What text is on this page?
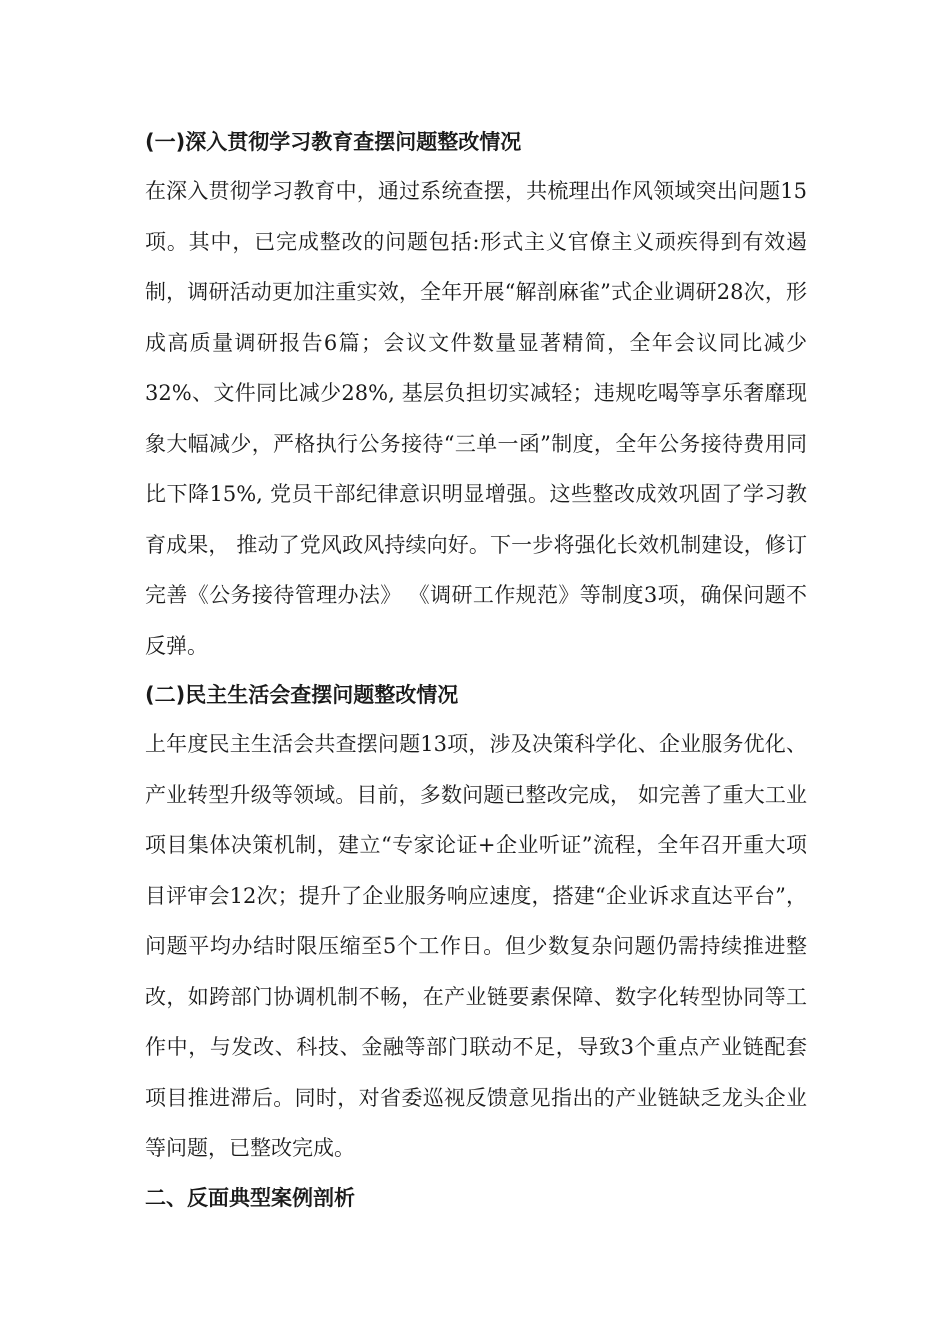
(一)深入贯彻学习教育查摆问题整改情况

在深入贯彻学习教育中，通过系统查摆，共梳理出作风领域突出问题15项。其中，已完成整改的问题包括:形式主义官僚主义顽疾得到有效遏制，调研活动更加注重实效，全年开展“解剖麻雀”式企业调研28次，形成高质量调研报告6篇；会议文件数量显著精简，全年会议同比减少32%、文件同比减少28%, 基层负担切实减轻；违规吃喝等享乐奢靡现象大幅减少，严格执行公务接待“三单一函”制度，全年公务接待费用同比下降15%, 党员干部纪律意识明显增强。这些整改成效巩固了学习教育成果， 推动了党风政风持续向好。下一步将强化长效机制建设，修订完善《公务接待管理办法》 《调研工作规范》等制度3项，确保问题不反弹。

(二)民主生活会查摆问题整改情况

上年度民主生活会共查摆问题13项，涉及决策科学化、企业服务优化、产业转型升级等领域。目前，多数问题已整改完成， 如完善了重大工业项目集体决策机制，建立“专家论证+企业听证”流程，全年召开重大项目评审会12次；提升了企业服务响应速度，搭建“企业诉求直达平台”，问题平均办结时限压缩至5个工作日。但少数复杂问题仍需持续推进整改，如跨部门协调机制不畅，在产业链要素保障、数字化转型协同等工作中，与发改、科技、金融等部门联动不足，导致3个重点产业链配套项目推进滞后。同时，对省委巡视反馈意见指出的产业链缺乏龙头企业等问题，已整改完成。

二、反面典型案例剖析
